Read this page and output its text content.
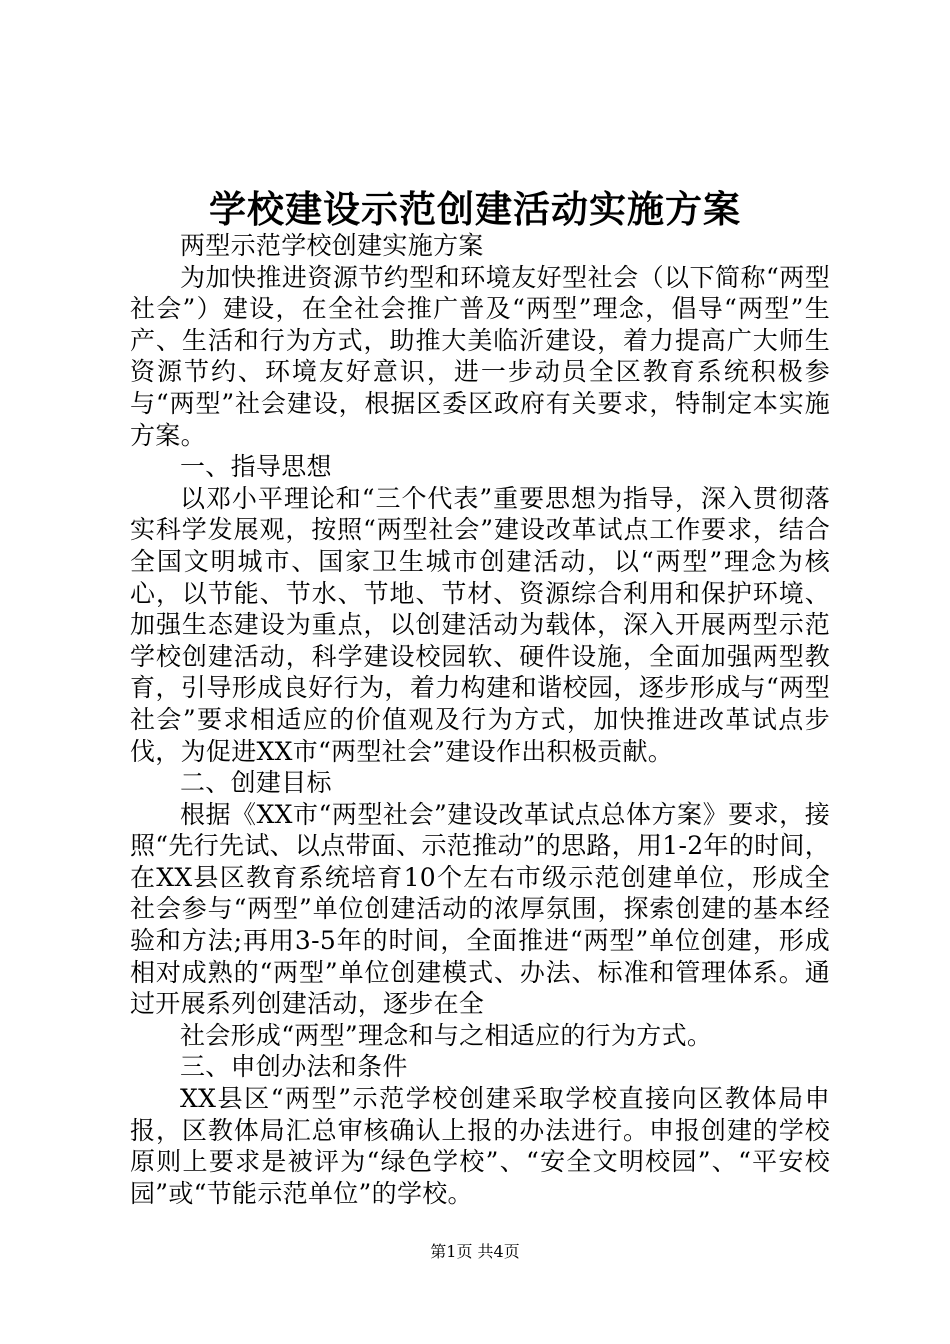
学校建设示范创建活动实施方案

两型示范学校创建实施方案

为加快推进资源节约型和环境友好型社会（以下简称“两型社会”）建设，在全社会推广普及“两型”理念，倡导“两型”生产、生活和行为方式，助推大美临沂建设，着力提高广大师生资源节约、环境友好意识，进一步动员全区教育系统积极参与“两型”社会建设，根据区委区政府有关要求，特制定本实施方案。

一、指导思想

以邓小平理论和“三个代表”重要思想为指导，深入贯彻落实科学发展观，按照“两型社会”建设改革试点工作要求，结合全国文明城市、国家卫生城市创建活动，以“两型”理念为核心，以节能、节水、节地、节材、资源综合利用和保护环境、加强生态建设为重点，以创建活动为载体，深入开展两型示范学校创建活动，科学建设校园软、硬件设施，全面加强两型教育，引导形成良好行为，着力构建和谐校园，逐步形成与“两型社会”要求相适应的价值观及行为方式，加快推进改革试点步伐，为促进XX市“两型社会”建设作出积极贡献。

二、创建目标

根据《XX市“两型社会”建设改革试点总体方案》要求，接照“先行先试、以点带面、示范推动”的思路，用1-2年的时间，在XX县区教育系统培育10个左右市级示范创建单位，形成全社会参与“两型”单位创建活动的浓厚氛围，探索创建的基本经验和方法;再用3-5年的时间，全面推进“两型”单位创建，形成相对成熟的“两型”单位创建模式、办法、标准和管理体系。通过开展系列创建活动，逐步在全

社会形成“两型”理念和与之相适应的行为方式。

三、申创办法和条件

XX县区“两型”示范学校创建采取学校直接向区教体局申报，区教体局汇总审核确认上报的办法进行。申报创建的学校原则上要求是被评为“绿色学校”、“安全文明校园”、“平安校园”或“节能示范单位”的学校。

第1页 共4页
